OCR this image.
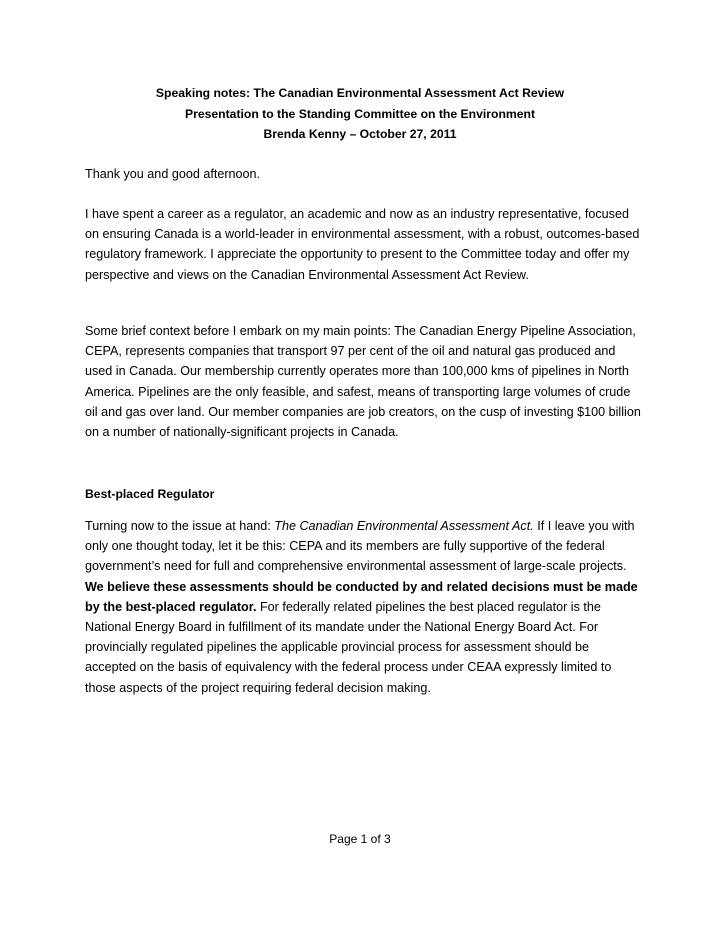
Speaking notes: The Canadian Environmental Assessment Act Review
Presentation to the Standing Committee on the Environment
Brenda Kenny – October 27, 2011
Thank you and good afternoon.
I have spent a career as a regulator, an academic and now as an industry representative, focused on ensuring Canada is a world-leader in environmental assessment, with a robust, outcomes-based regulatory framework. I appreciate the opportunity to present to the Committee today and offer my perspective and views on the Canadian Environmental Assessment Act Review.
Some brief context before I embark on my main points: The Canadian Energy Pipeline Association, CEPA, represents companies that transport 97 per cent of the oil and natural gas produced and used in Canada. Our membership currently operates more than 100,000 kms of pipelines in North America. Pipelines are the only feasible, and safest, means of transporting large volumes of crude oil and gas over land. Our member companies are job creators, on the cusp of investing $100 billion on a number of nationally-significant projects in Canada.
Best-placed Regulator
Turning now to the issue at hand: The Canadian Environmental Assessment Act. If I leave you with only one thought today, let it be this: CEPA and its members are fully supportive of the federal government’s need for full and comprehensive environmental assessment of large-scale projects. We believe these assessments should be conducted by and related decisions must be made by the best-placed regulator. For federally related pipelines the best placed regulator is the National Energy Board in fulfillment of its mandate under the National Energy Board Act. For provincially regulated pipelines the applicable provincial process for assessment should be accepted on the basis of equivalency with the federal process under CEAA expressly limited to those aspects of the project requiring federal decision making.
Page 1 of 3
